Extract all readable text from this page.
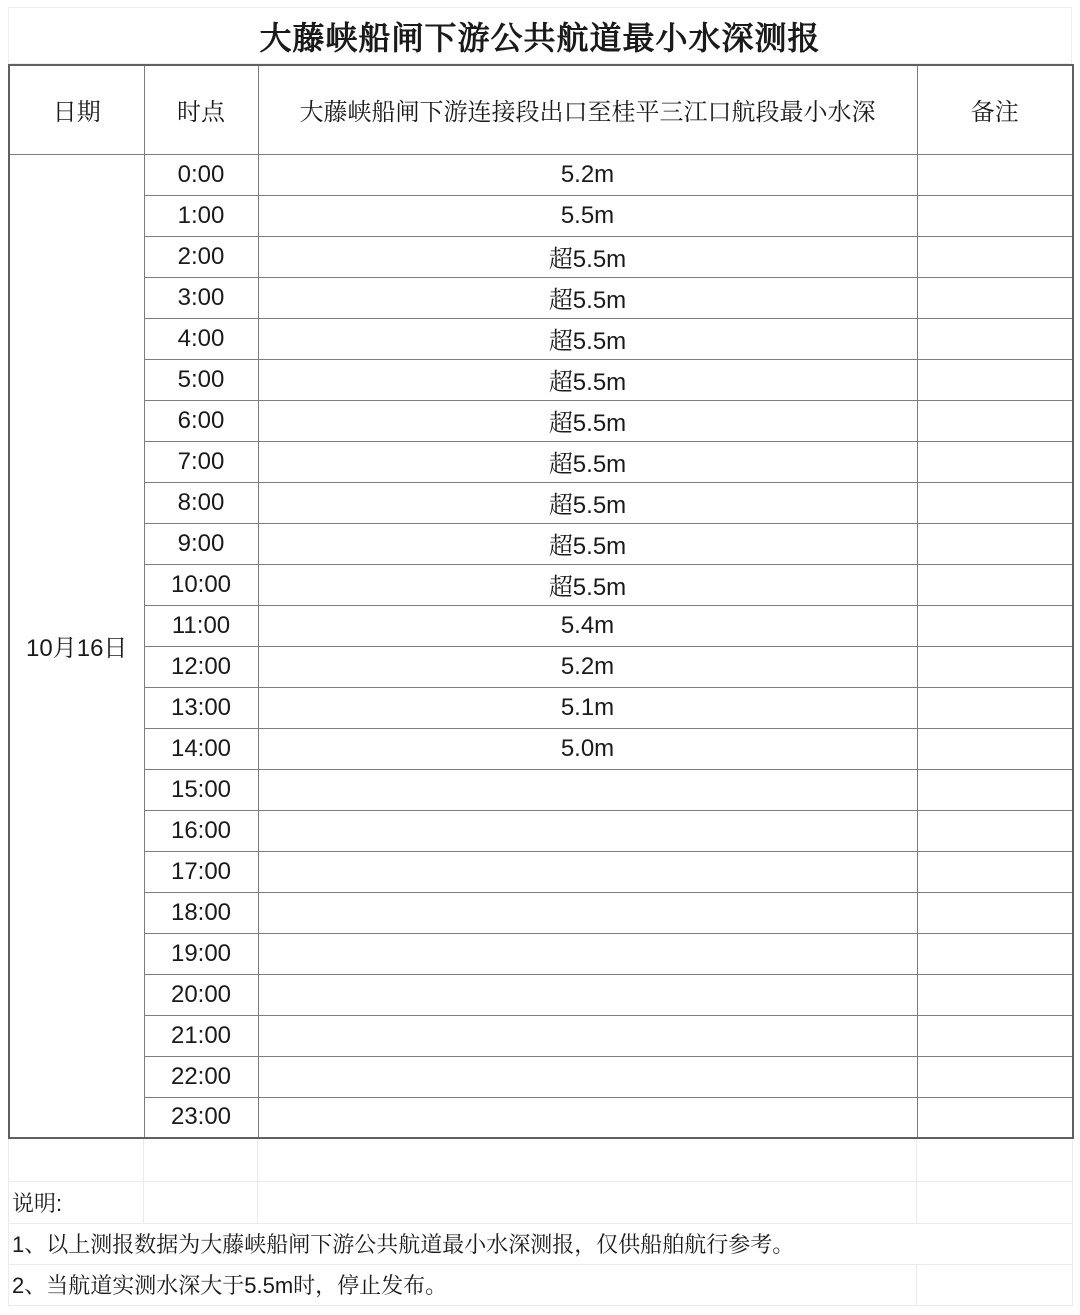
大藤峡船闸下游公共航道最小水深测报
日期	时点	大藤峡船闸下游连接段出口至桂平三江口航段最小水深	备注
10月16日	0:00	5.2m	
	1:00	5.5m	
	2:00	超5.5m	
	3:00	超5.5m	
	4:00	超5.5m	
	5:00	超5.5m	
	6:00	超5.5m	
	7:00	超5.5m	
	8:00	超5.5m	
	9:00	超5.5m	
	10:00	超5.5m	
	11:00	5.4m	
	12:00	5.2m	
	13:00	5.1m	
	14:00	5.0m	
	15:00		
	16:00		
	17:00		
	18:00		
	19:00		
	20:00		
	21:00		
	22:00		
	23:00		

说明:			
1、以上测报数据为大藤峡船闸下游公共航道最小水深测报，仅供船舶航行参考。			
2、当航道实测水深大于5.5m时，停止发布。			
